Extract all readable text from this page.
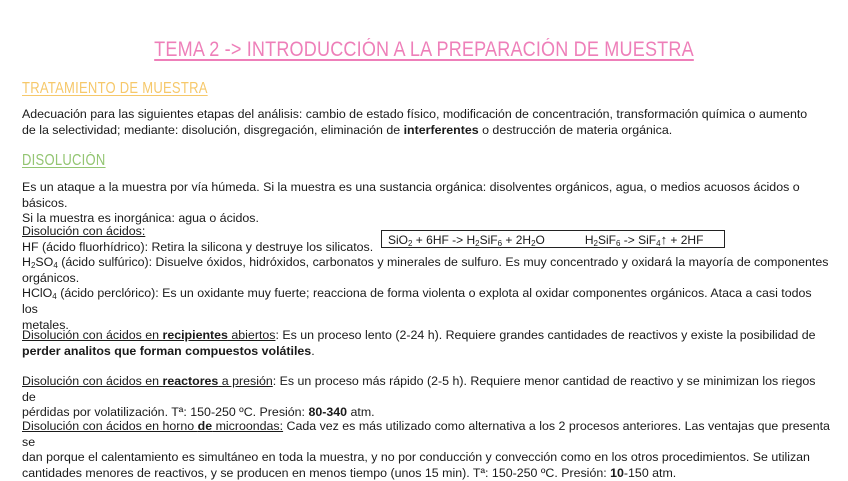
TEMA 2 -> INTRODUCCIÓN A LA PREPARACIÓN DE MUESTRA
TRATAMIENTO DE MUESTRA
Adecuación para las siguientes etapas del análisis: cambio de estado físico, modificación de concentración, transformación química o aumento
de la selectividad; mediante: disolución, disgregación, eliminación de interferentes o destrucción de materia orgánica.
DISOLUCIÓN
Es un ataque a la muestra por vía húmeda. Si la muestra es una sustancia orgánica: disolventes orgánicos, agua, o medios acuosos ácidos o básicos.
Si la muestra es inorgánica: agua o ácidos.
Disolución con ácidos:
HF (ácido fluorhídrico): Retira la silicona y destruye los silicatos.
$H_2SO_4$ (ácido sulfúrico): Disuelve óxidos, hidróxidos, carbonatos y minerales de sulfuro. Es muy concentrado y oxidará la mayoría de componentes
orgánicos.
HClO$_4$ (ácido perclórico): Es un oxidante muy fuerte; reacciona de forma violenta o explota al oxidar componentes orgánicos. Ataca a casi todos los
metales.
$SiO_2 + 6HF -> H_2SiF_6 + 2H_2O$	$H_2SiF_6$ -> SiF$_4$↑ + 2HF
Disolución con ácidos en recipientes abiertos: Es un proceso lento (2-24 h). Requiere grandes cantidades de reactivos y existe la posibilidad de
perder analitos que forman compuestos volátiles.
Disolución con ácidos en reactores a presión: Es un proceso más rápido (2-5 h). Requiere menor cantidad de reactivo y se minimizan los riegos de
pérdidas por volatilización. Tª: 150-250 ºC. Presión: 80-340 atm.
Disolución con ácidos en horno de microondas: Cada vez es más utilizado como alternativa a los 2 procesos anteriores. Las ventajas que presenta se
dan porque el calentamiento es simultáneo en toda la muestra, y no por conducción y convección como en los otros procedimientos. Se utilizan
cantidades menores de reactivos, y se producen en menos tiempo (unos 15 min). Tª: 150-250 ºC. Presión: 10-150 atm.
